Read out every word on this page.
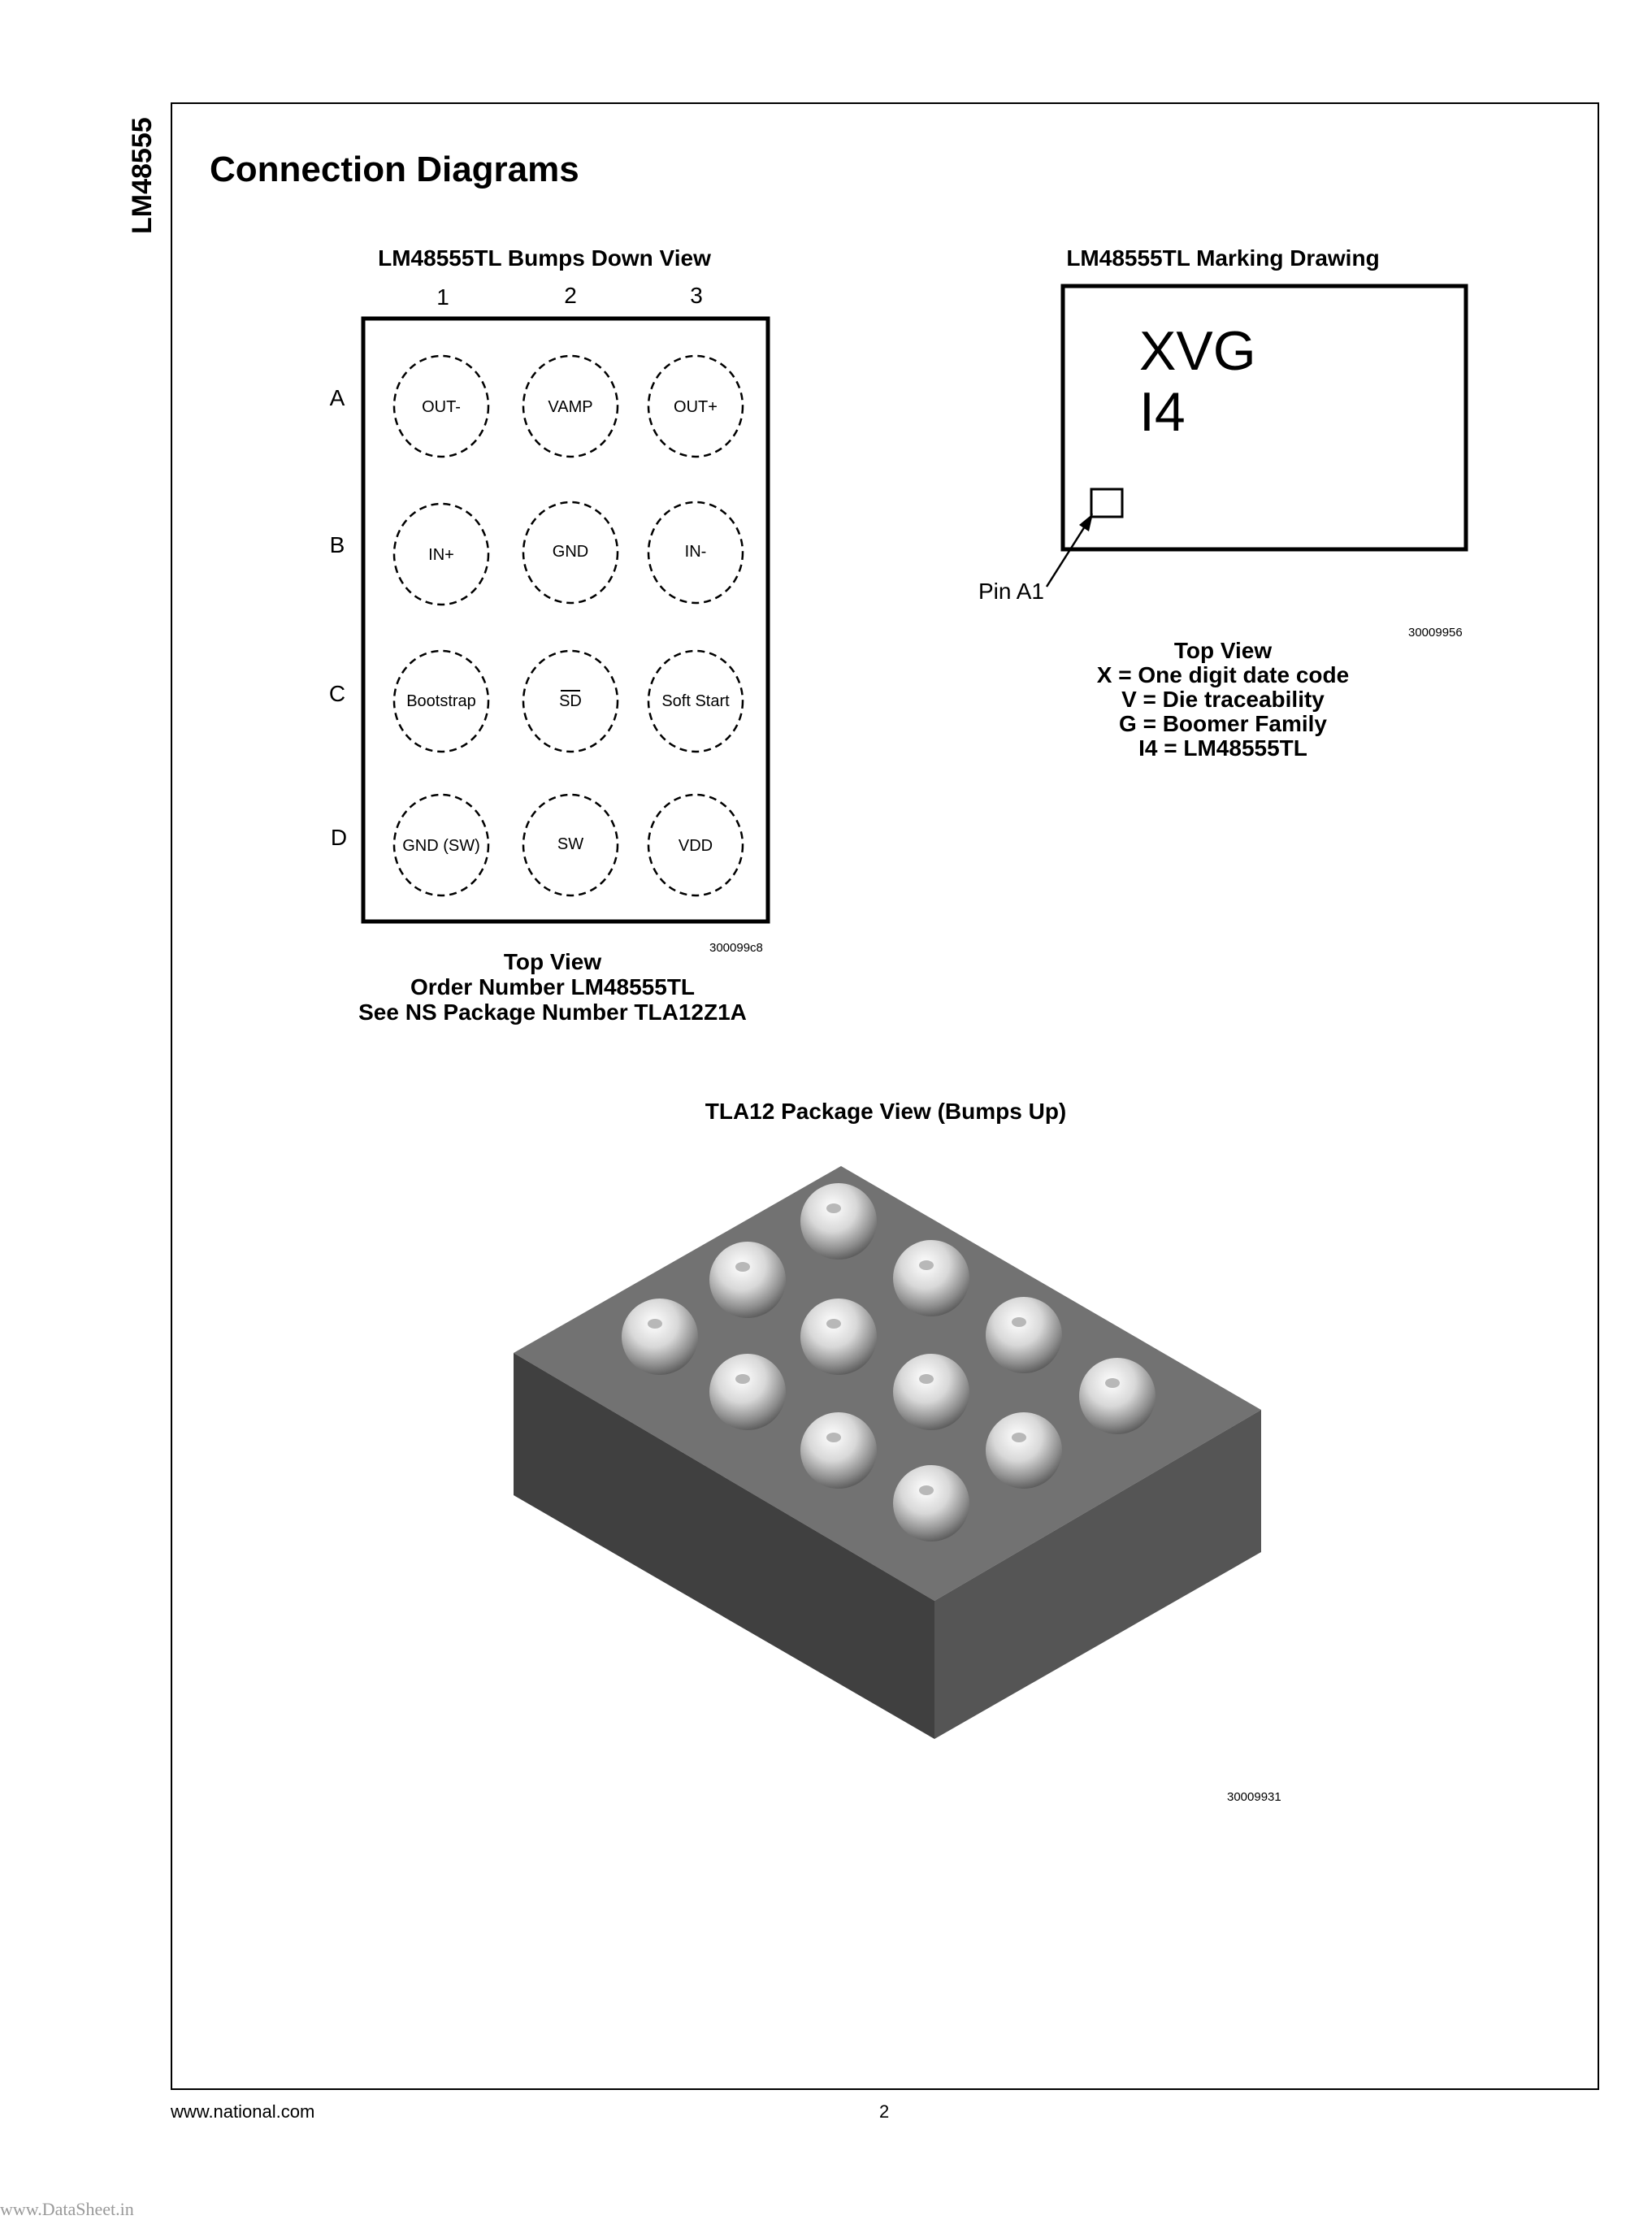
LM48555 Connection Diagrams
LM48555TL Bumps Down View
1	2	3
A
B
C
D
OUT-	VAMP	OUT+
IN+	GND	IN-
Bootstrap	SD	Soft Start
GND (SW)	SW	VDD
300099c8
Top View
Order Number LM48555TL
See NS Package Number TLA12Z1A
LM48555TL Marking Drawing
XVG
I4
Pin A1
30009956
Top View
X = One digit date code
V = Die traceability
G = Boomer Family
I4 = LM48555TL
TLA12 Package View (Bumps Up)
30009931
www.national.com	2
www.DataSheet.in
